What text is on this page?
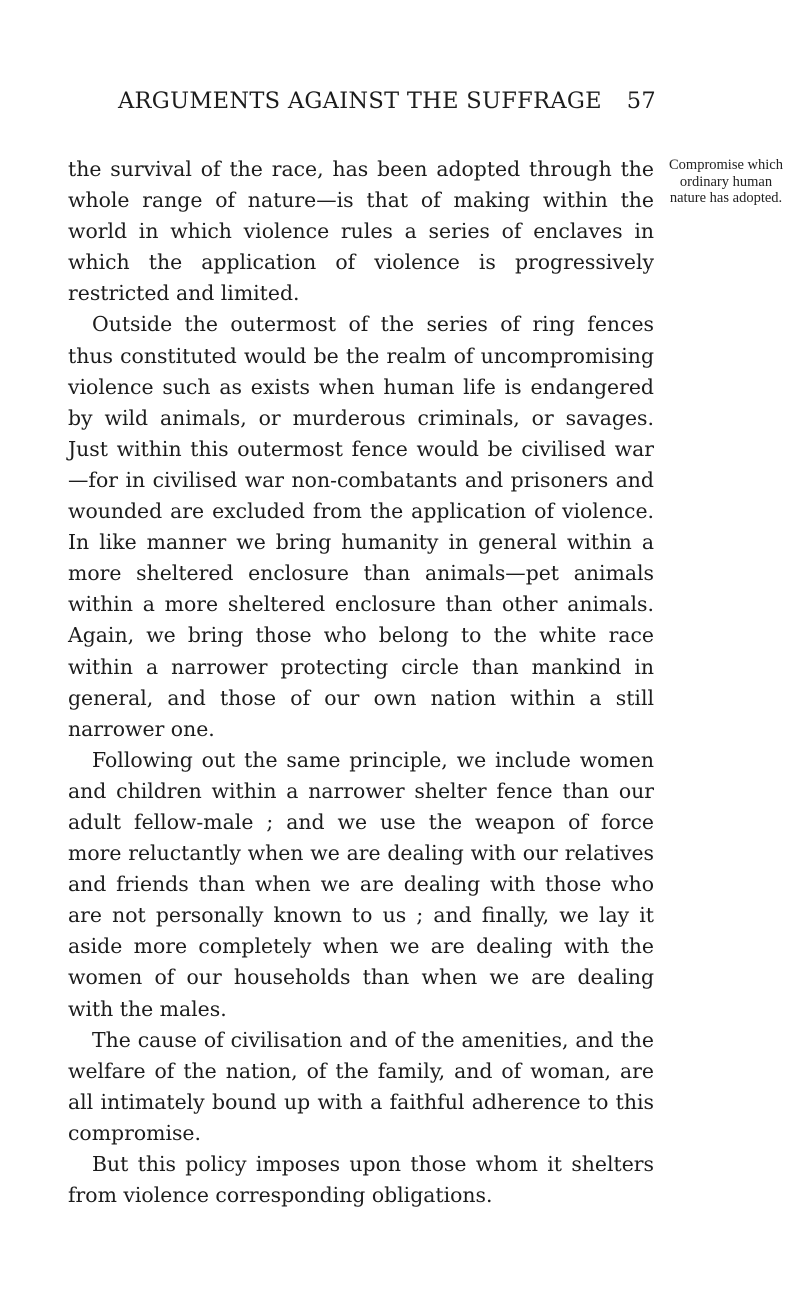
ARGUMENTS AGAINST THE SUFFRAGE 57

the survival of the race, has been adopted through the whole range of nature—is that of making within the world in which violence rules a series of enclaves in which the application of violence is progressively restricted and limited.

Outside the outermost of the series of ring fences thus constituted would be the realm of uncompromising violence such as exists when human life is endangered by wild animals, or murderous criminals, or savages. Just within this outermost fence would be civilised war—for in civilised war non-combatants and prisoners and wounded are excluded from the application of violence. In like manner we bring humanity in general within a more sheltered enclosure than animals—pet animals within a more sheltered enclosure than other animals. Again, we bring those who belong to the white race within a narrower protecting circle than mankind in general, and those of our own nation within a still narrower one.

Following out the same principle, we include women and children within a narrower shelter fence than our adult fellow-male ; and we use the weapon of force more reluctantly when we are dealing with our relatives and friends than when we are dealing with those who are not personally known to us ; and finally, we lay it aside more completely when we are dealing with the women of our households than when we are dealing with the males.

The cause of civilisation and of the amenities, and the welfare of the nation, of the family, and of woman, are all intimately bound up with a faithful adherence to this compromise.

But this policy imposes upon those whom it shelters from violence corresponding obligations.

Compromise which ordinary human nature has adopted.
